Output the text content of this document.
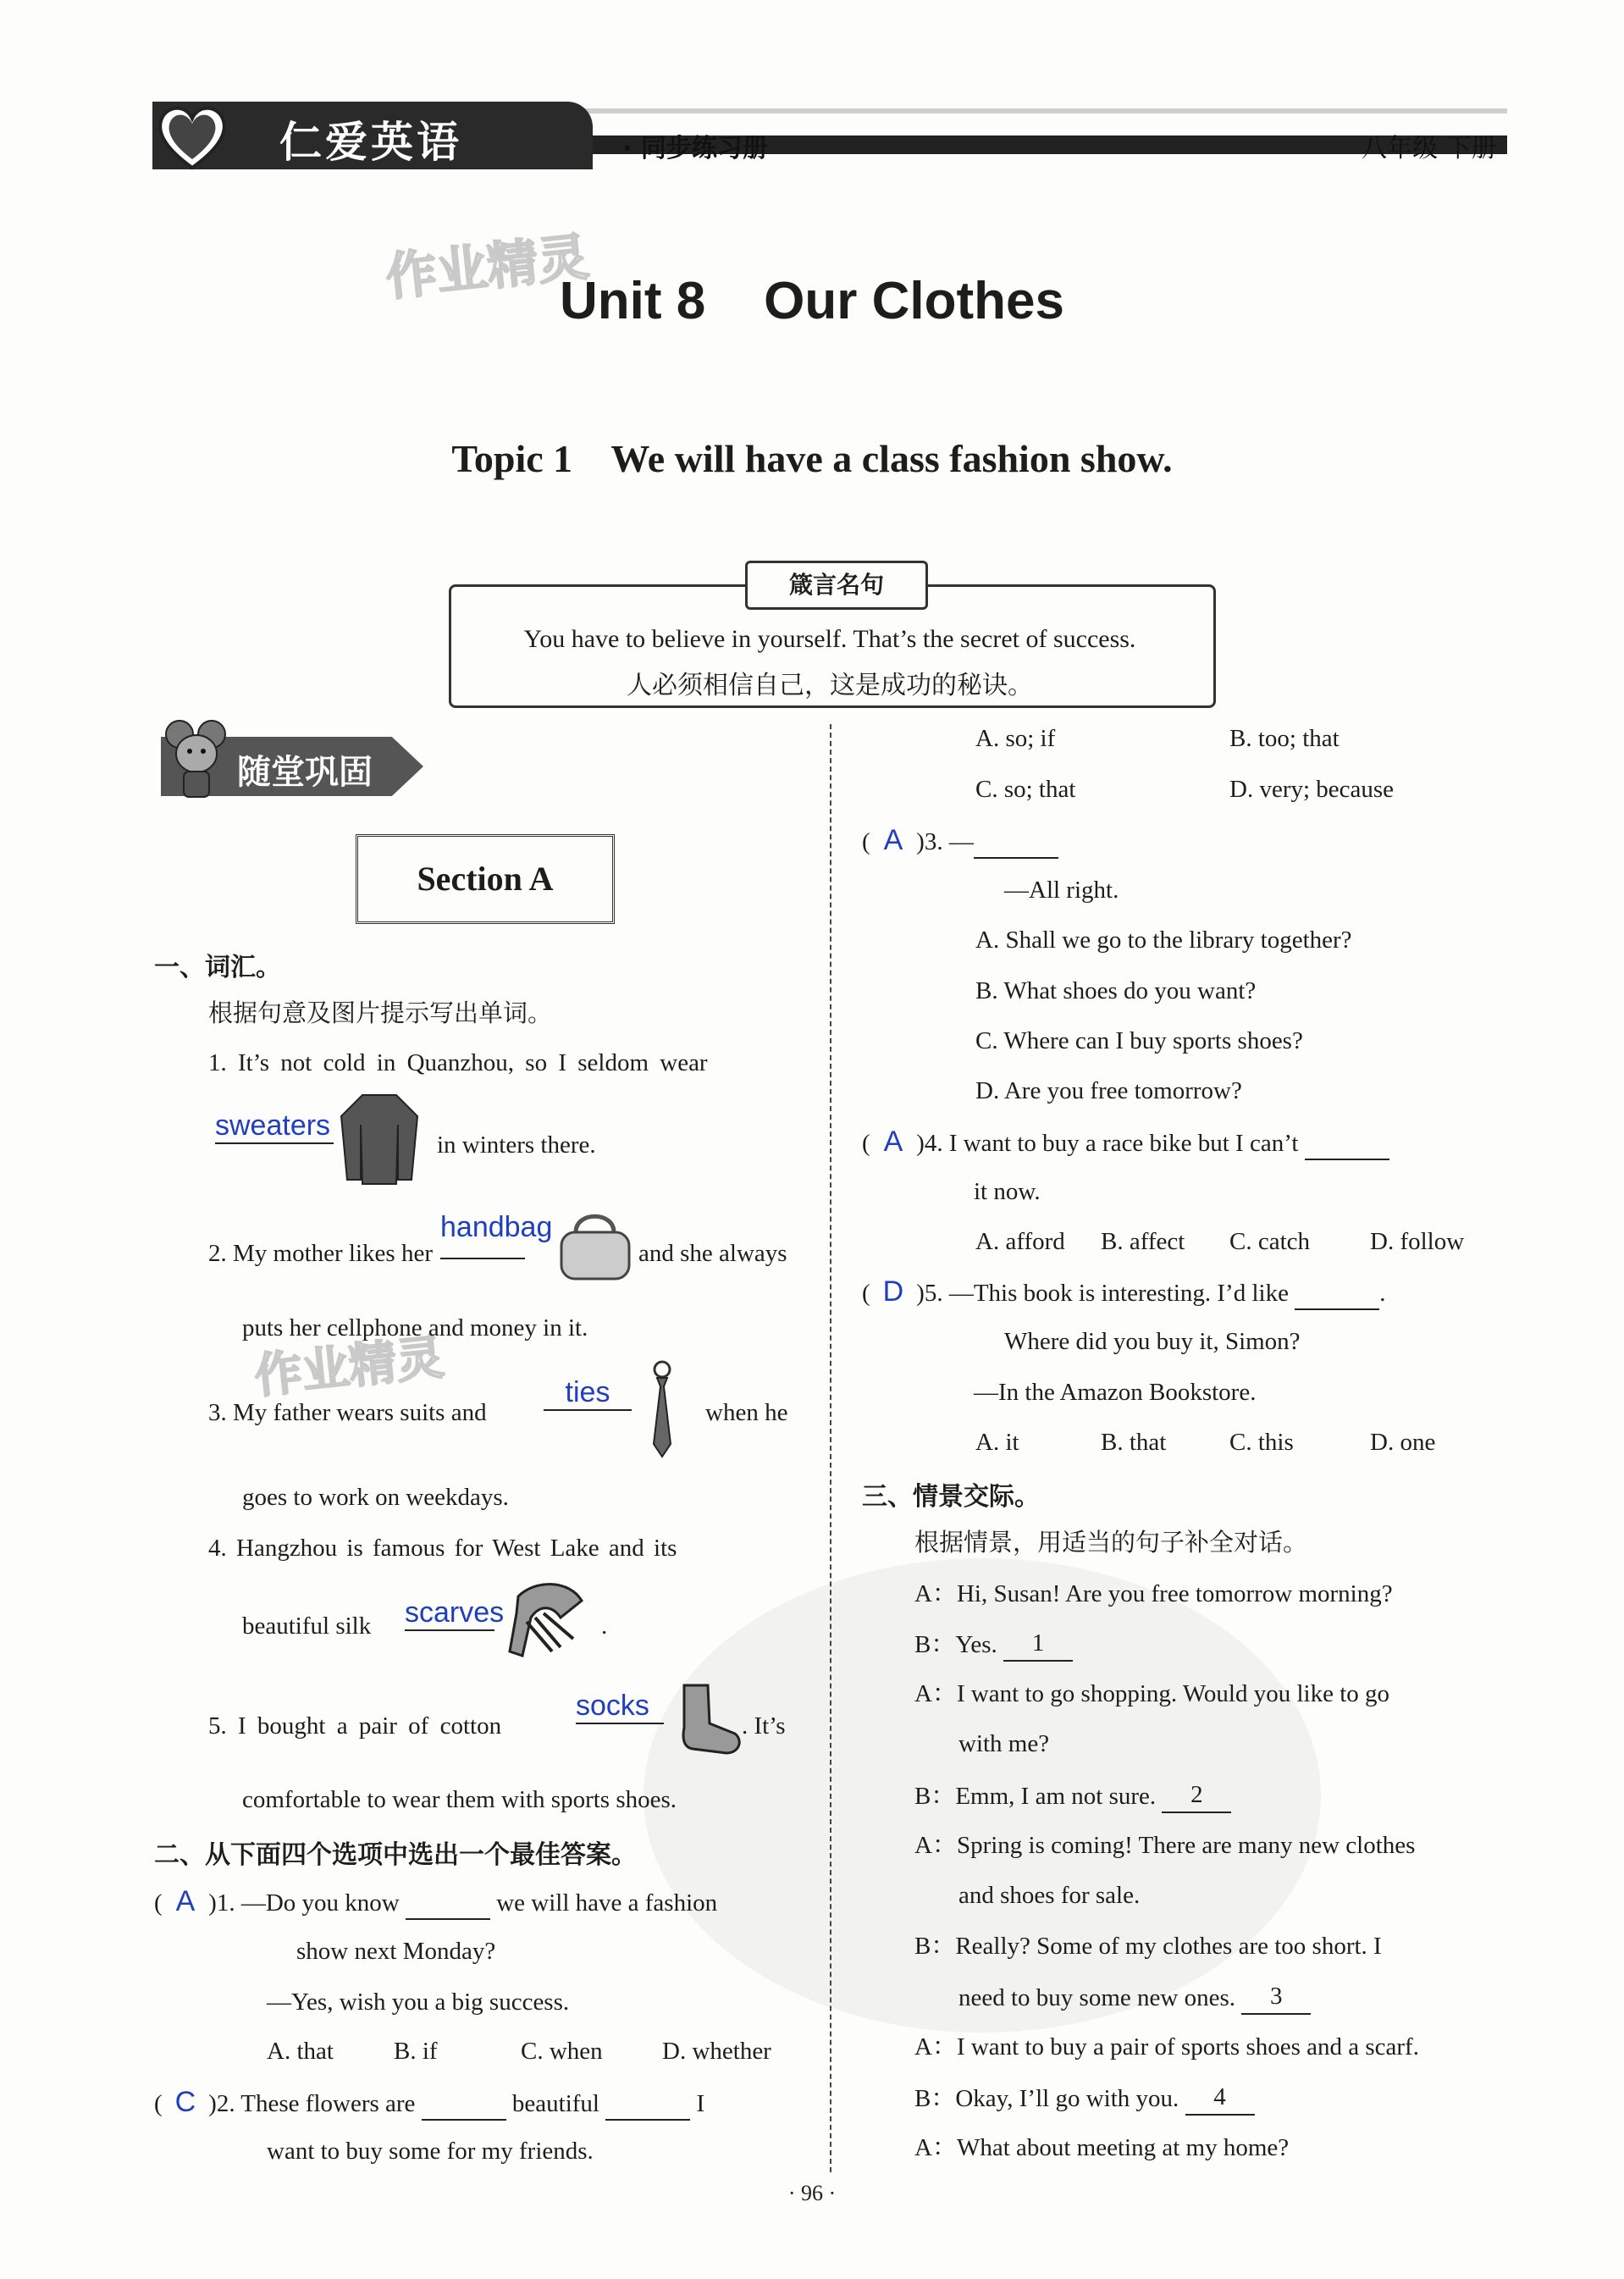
仁爱英语	· 同步练习册	八年级 下册
作业精灵
作业精灵
Unit 8    Our Clothes
Topic 1    We will have a class fashion show.
箴言名句
You have to believe in yourself. That’s the secret of success.
人必须相信自己，这是成功的秘诀。
随堂巩固
Section A
一、词汇。
根据句意及图片提示写出单词。
1. It’s not cold in Quanzhou, so I seldom wear
sweaters
in winters there.
2. My mother likes her
handbag
and she always
puts her cellphone and money in it.
3. My father wears suits and
ties
when he
goes to work on weekdays.
4. Hangzhou is famous for West Lake and its
beautiful silk scarves	.
5. I bought a pair of cotton
socks
. It’s
comfortable to wear them with sports shoes.
二、从下面四个选项中选出一个最佳答案。
( A )1. —Do you know	we will have a fashion
show next Monday?
—Yes, wish you a big success.
A. that B. if	C. when D. whether
( C )2. These flowers are	beautiful	I
want to buy some for my friends.
A. so; if	B. too; that
C. so; that	D. very; because
( A )3. —
—All right.
A. Shall we go to the library together?
B. What shoes do you want?
C. Where can I buy sports shoes?
D. Are you free tomorrow?
( A )4. I want to buy a race bike but I can’t
it now.
A. afford B. affect C. catch D. follow
( D )5. —This book is interesting. I’d like	.
Where did you buy it, Simon?
—In the Amazon Bookstore.
A. it	B. that	C. this	D. one
三、情景交际。
根据情景，用适当的句子补全对话。
A：Hi, Susan! Are you free tomorrow morning?
B：Yes. 1
A：I want to go shopping. Would you like to go
with me?
B：Emm, I am not sure. 2
A：Spring is coming! There are many new clothes
and shoes for sale.
B：Really? Some of my clothes are too short. I
need to buy some new ones. 3
A：I want to buy a pair of sports shoes and a scarf.
B：Okay, I’ll go with you. 4
A：What about meeting at my home?
· 96 ·
